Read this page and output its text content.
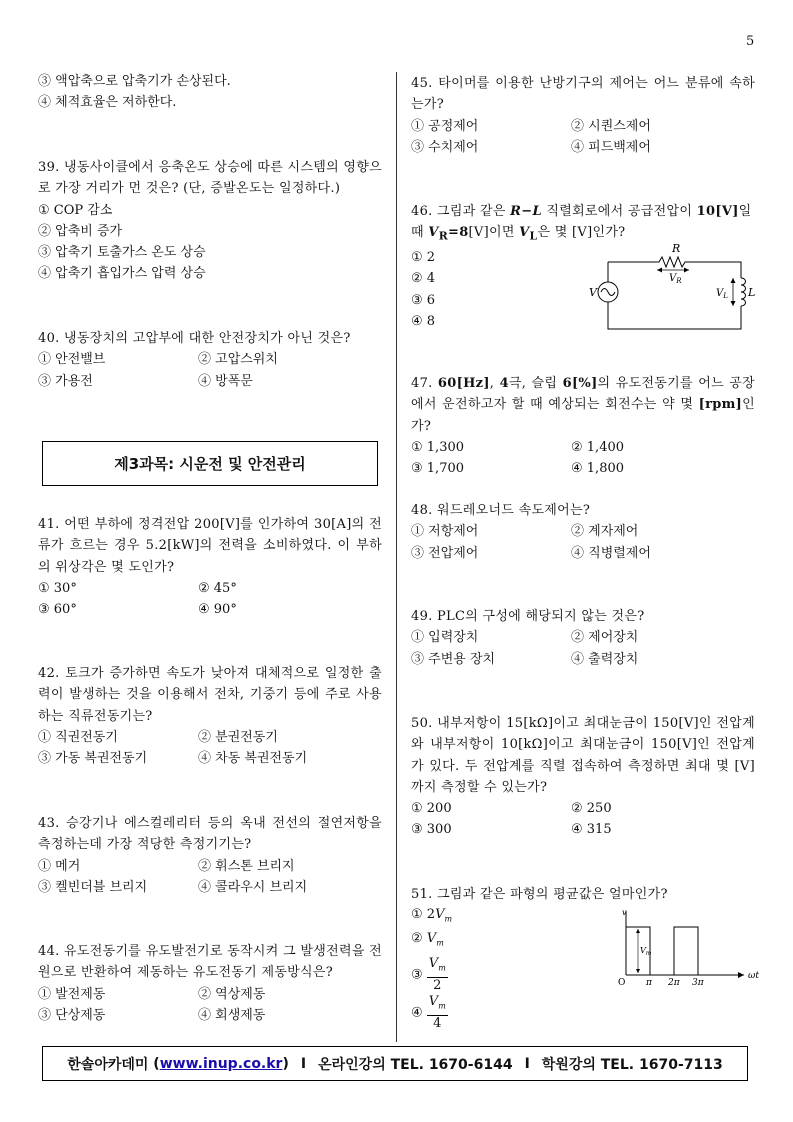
5
③ 액압축으로 압축기가 손상된다.
④ 체적효율은 저하한다.
39. 냉동사이클에서 응축온도 상승에 따른 시스템의 영향으로 가장 거리가 먼 것은? (단, 증발온도는 일정하다.)
① COP 감소
② 압축비 증가
③ 압축기 토출가스 온도 상승
④ 압축기 흡입가스 압력 상승
40. 냉동장치의 고압부에 대한 안전장치가 아닌 것은?
① 안전밸브	② 고압스위치
③ 가용전	④ 방폭문
제3과목: 시운전 및 안전관리
41. 어떤 부하에 정격전압 200[V]를 인가하여 30[A]의 전류가 흐르는 경우 5.2[kW]의 전력을 소비하였다. 이 부하의 위상각은 몇 도인가?
① 30°	② 45°
③ 60°	④ 90°
42. 토크가 증가하면 속도가 낮아져 대체적으로 일정한 출력이 발생하는 것을 이용해서 전차, 기중기 등에 주로 사용하는 직류전동기는?
① 직권전동기	② 분권전동기
③ 가동 복권전동기	④ 차동 복권전동기
43. 승강기나 에스컬레리터 등의 옥내 전선의 절연저항을 측정하는데 가장 적당한 측정기기는?
① 메거	② 휘스톤 브리지
③ 켈빈더블 브리지	④ 콜라우시 브리지
44. 유도전동기를 유도발전기로 동작시켜 그 발생전력을 전원으로 반환하여 제동하는 유도전동기 제동방식은?
① 발전제동	② 역상제동
③ 단상제동	④ 회생제동
45. 타이머를 이용한 난방기구의 제어는 어느 분류에 속하는가?
① 공정제어	② 시퀀스제어
③ 수치제어	④ 피드백제어
46. 그림과 같은 R−L 직렬회로에서 공급전압이 10[V]일
때 $V_R=8[V]$이면 $V_L$은 몇 [V]인가?
① 2
② 4
③ 6
④ 8
R
$V_R$
V	L
$V_L$
47. 60[Hz], 4극, 슬립 6[%]의 유도전동기를 어느 공장에서 운전하고자 할 때 예상되는 회전수는 약 몇 [rpm]인가?
① 1,300	② 1,400
③ 1,700	④ 1,800
48. 워드레오너드 속도제어는?
① 저항제어	② 계자제어
③ 전압제어	④ 직병렬제어
49. PLC의 구성에 해당되지 않는 것은?
① 입력장치	② 제어장치
③ 주변용 장치	④ 출력장치
50. 내부저항이 15[kΩ]이고 최대눈금이 150[V]인 전압계와 내부저항이 10[kΩ]이고 최대눈금이 150[V]인 전압계가 있다. 두 전압계를 직렬 접속하여 측정하면 최대 몇 [V]까지 측정할 수 있는가?
① 200	② 250
③ 300	④ 315
51. 그림과 같은 파형의 평균값은 얼마인가?
① $2V_m$
② $V_m$
③ $\frac{V_m}{2}$
④ $\frac{V_m}{4}$
$V_m$
v
O π 2π 3π
ωt
한솔아카데미 ( www.inup.co.kr ) I 온라인강의 TEL. 1670-6144 I 학원강의 TEL. 1670-7113
